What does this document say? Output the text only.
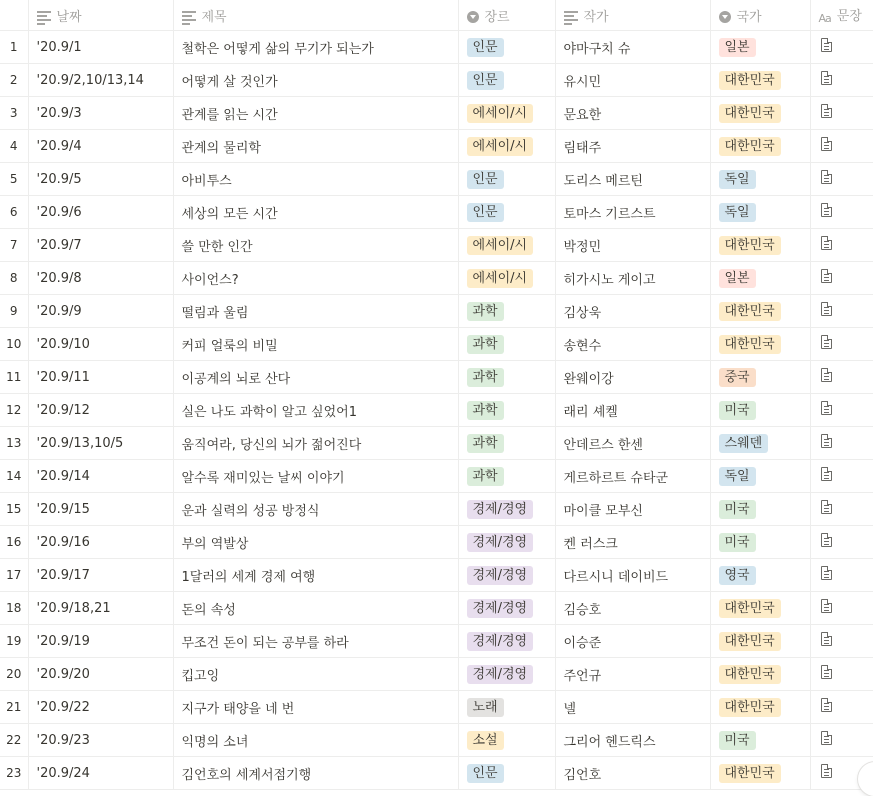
날짜	제목	장르	작가	국가	Aa 문장
1	'20.9/1	철학은 어떻게 삶의 무기가 되는가	인문	야마구치 슈	일본	
2	'20.9/2,10/13,14	어떻게 살 것인가	인문	유시민	대한민국	
3	'20.9/3	관계를 읽는 시간	에세이/시	문요한	대한민국	
4	'20.9/4	관계의 물리학	에세이/시	림태주	대한민국	
5	'20.9/5	아비투스	인문	도리스 메르틴	독일	
6	'20.9/6	세상의 모든 시간	인문	토마스 기르스트	독일	
7	'20.9/7	쓸 만한 인간	에세이/시	박정민	대한민국	
8	'20.9/8	사이언스?	에세이/시	히가시노 게이고	일본	
9	'20.9/9	떨림과 울림	과학	김상욱	대한민국	
10	'20.9/10	커피 얼룩의 비밀	과학	송현수	대한민국	
11	'20.9/11	이공계의 뇌로 산다	과학	완웨이강	중국	
12	'20.9/12	실은 나도 과학이 알고 싶었어1	과학	래리 셰켈	미국	
13	'20.9/13,10/5	움직여라, 당신의 뇌가 젊어진다	과학	안데르스 한센	스웨덴	
14	'20.9/14	알수록 재미있는 날씨 이야기	과학	게르하르트 슈타군	독일	
15	'20.9/15	운과 실력의 성공 방정식	경제/경영	마이클 모부신	미국	
16	'20.9/16	부의 역발상	경제/경영	켄 러스크	미국	
17	'20.9/17	1달러의 세계 경제 여행	경제/경영	다르시니 데이비드	영국	
18	'20.9/18,21	돈의 속성	경제/경영	김승호	대한민국	
19	'20.9/19	무조건 돈이 되는 공부를 하라	경제/경영	이승준	대한민국	
20	'20.9/20	킵고잉	경제/경영	주언규	대한민국	
21	'20.9/22	지구가 태양을 네 번	노래	넬	대한민국	
22	'20.9/23	익명의 소녀	소설	그리어 헨드릭스	미국	
23	'20.9/24	김언호의 세계서점기행	인문	김언호	대한민국	
